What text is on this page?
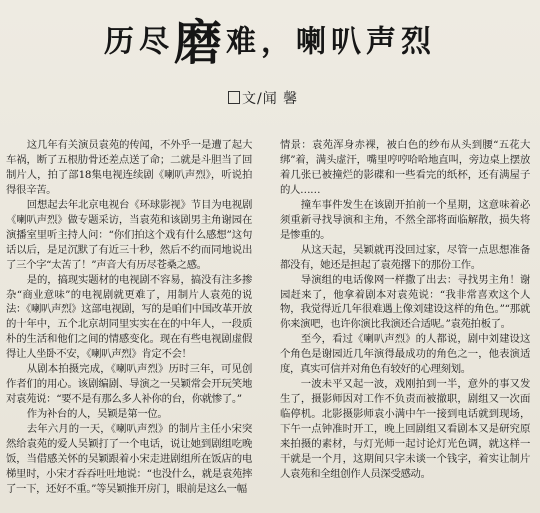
历尽磨难，喇叭声烈
文/闻 馨

这几年有关演员袁苑的传闻，不外乎一是遭了起大车祸，断了五根肋骨还差点送了命；二就是斗胆当了回制片人，拍了部18集电视连续剧《喇叭声烈》，听说拍得很辛苦。

回想起去年北京电视台《环球影视》节目为电视剧《喇叭声烈》做专题采访，当袁苑和该剧男主角谢园在演播室里听主持人问：“你们拍这个戏有什么感想”这句话以后，是足沉默了有近三十秒，然后不约而同地说出了三个字“太苦了！”声音大有历尽苍桑之感。

是的，搞现实题材的电视剧不容易，搞没有注多掺杂“商业意味”的电视剧就更难了，用制片人袁苑的说法：《喇叭声烈》这部电视剧，写的是咱们中国改革开放的十年中，五个北京胡同里实实在在的中年人，一段质朴的生活和他们之间的情感变化。现在有些电视剧虚假得让人坐卧不安，《喇叭声烈》肯定不会！

从剧本拍摄完成，《喇叭声烈》历时三年，可见创作者们的用心。该剧编剧、导演之一吴颖常会开玩笑地对袁苑说：“要不是有那么多人补你的台，你就惨了。”

作为补台的人，吴颖是第一位。

去年六月的一天，《喇叭声烈》的制片主任小宋突然给袁苑的爱人吴颖打了一个电话，说让她到剧组吃晚饭，当借感关怀的吴颖跟着小宋走进剧组所在饭店的电梯里时，小宋才吞吞吐吐地说：“也没什么，就是袁苑摔了一下，还好不重。”等吴颖推开房门，眼前是这么一幅

情景：袁苑浑身赤裸，被白色的纱布从头到腰“五花大绑”着，满头虚汗，嘴里哼哼哈哈地直叫，旁边桌上摆放着几张已被撞烂的影碟和一些看完的纸杯，还有满屋子的人……

撞车事件发生在该剧开拍前一个星期，这意味着必须重新寻找导演和主角，不然全部将面临解散，损失将是惨重的。

从这天起，吴颖就再没回过家，尽管一点思想准备都没有，她还是担起了袁苑撂下的那份工作。

导演组的电话像网一样撒了出去：寻找男主角！谢园赶来了，他拿着剧本对袁苑说：“我非常喜欢这个人物，我觉得近几年很难遇上像刘建设这样的角色。”“那就你来演吧，也许你演比我演还合适呢。”袁苑拍板了。

至今，看过《喇叭声烈》的人都说，剧中刘建设这个角色是谢园近几年演得最成功的角色之一，他表演适度，真实可信并对角色有较好的心理刻划。

一波未平又起一波，戏刚拍到一半，意外的事又发生了，摄影师因对工作不负责而被撤职，剧组又一次面临停机。北影摄影师袁小满中午一接到电话就到现场，下午一点钟准时开工，晚上回剧组又看剧本又是研究原来拍摄的素材，与灯光师一起讨论灯光色调，就这样一干就是一个月，这期间只字未谈一个钱字，着实让制片人袁苑和全组创作人员深受感动。
